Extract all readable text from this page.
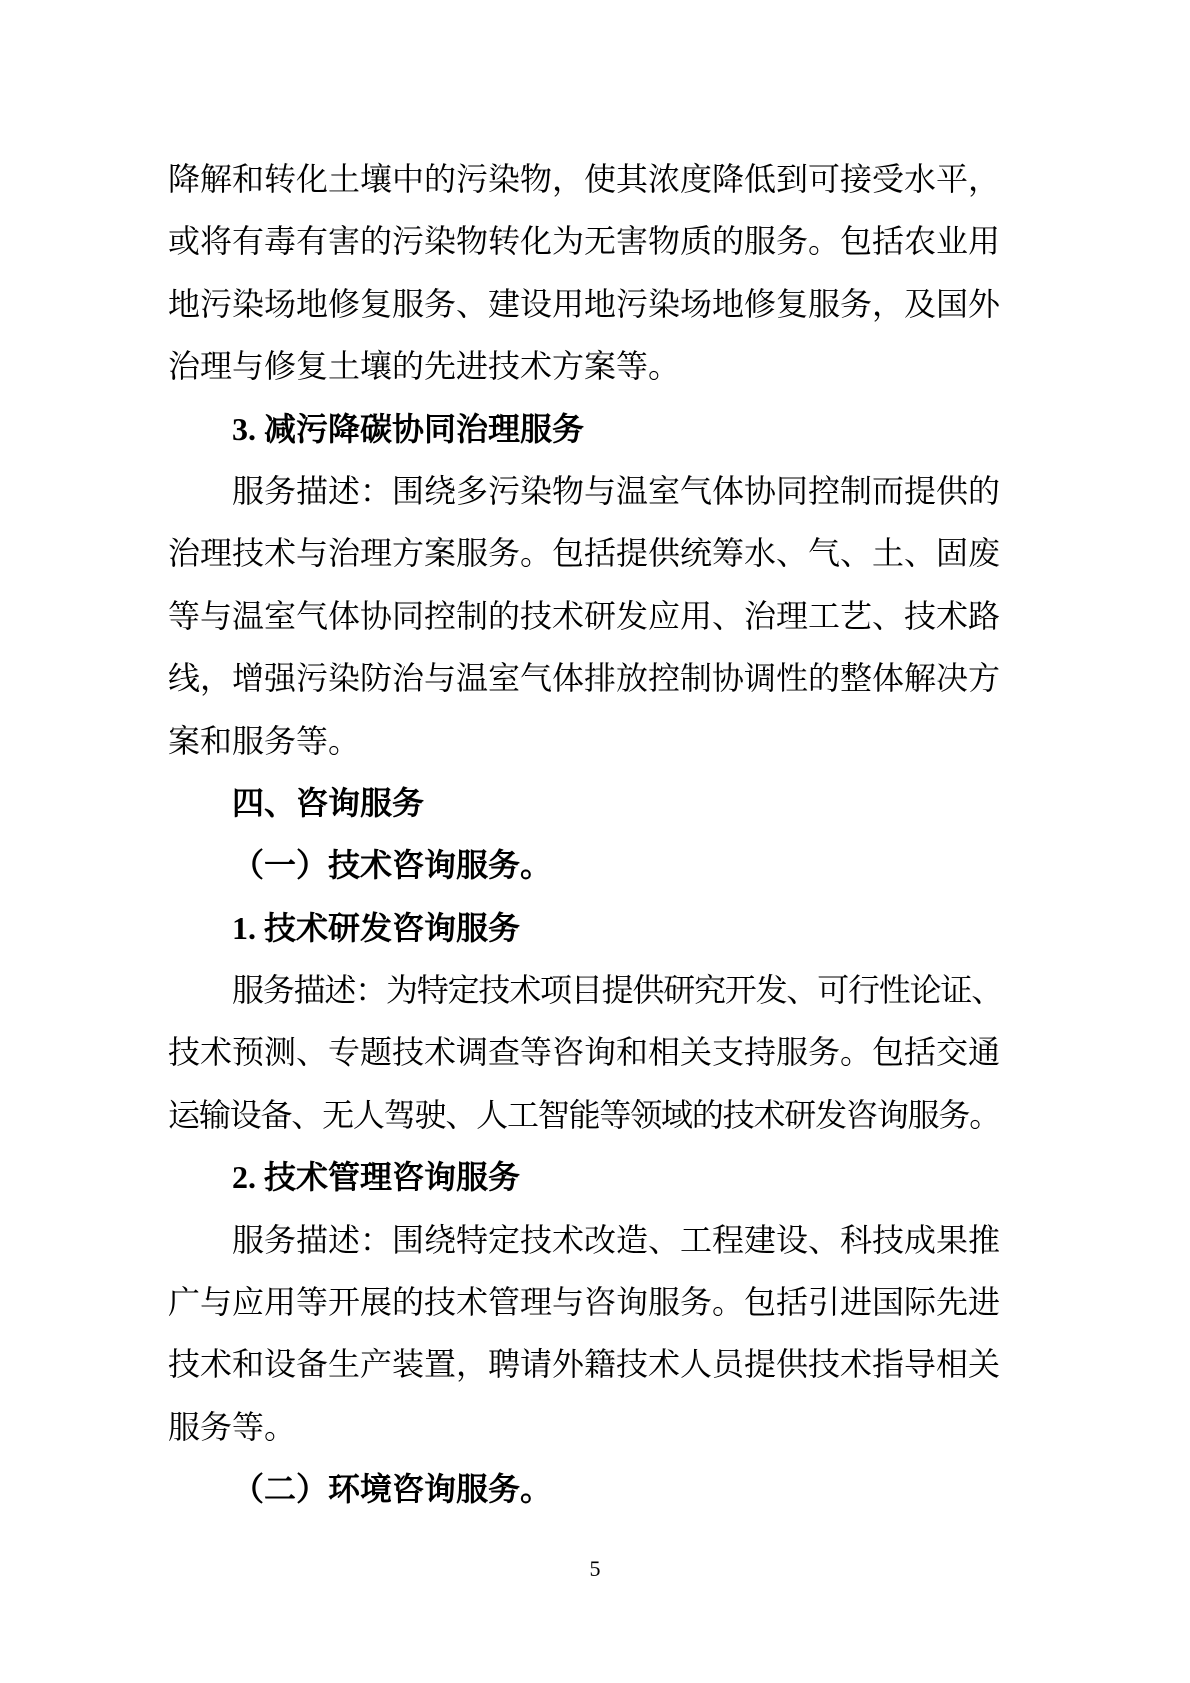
降解和转化土壤中的污染物，使其浓度降低到可接受水平，
或将有毒有害的污染物转化为无害物质的服务。包括农业用
地污染场地修复服务、建设用地污染场地修复服务，及国外
治理与修复土壤的先进技术方案等。
3. 减污降碳协同治理服务
服务描述：围绕多污染物与温室气体协同控制而提供的
治理技术与治理方案服务。包括提供统筹水、气、土、固废
等与温室气体协同控制的技术研发应用、治理工艺、技术路
线，增强污染防治与温室气体排放控制协调性的整体解决方
案和服务等。
四、咨询服务
（一）技术咨询服务。
1. 技术研发咨询服务
服务描述：为特定技术项目提供研究开发、可行性论证、
技术预测、专题技术调查等咨询和相关支持服务。包括交通
运输设备、无人驾驶、人工智能等领域的技术研发咨询服务。
2. 技术管理咨询服务
服务描述：围绕特定技术改造、工程建设、科技成果推
广与应用等开展的技术管理与咨询服务。包括引进国际先进
技术和设备生产装置，聘请外籍技术人员提供技术指导相关
服务等。
（二）环境咨询服务。
5
